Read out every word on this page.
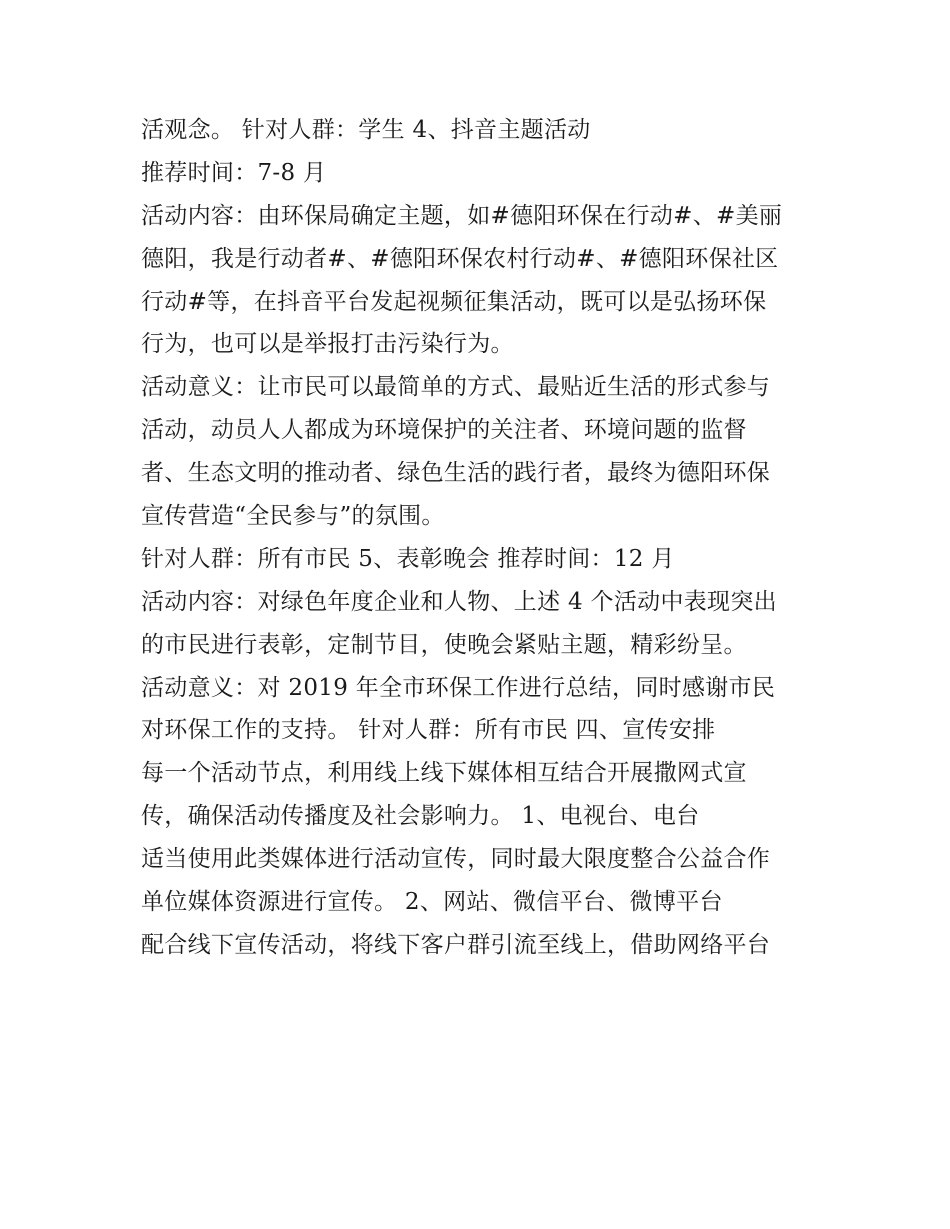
活观念。 针对人群：学生 4、抖音主题活动
推荐时间：7-8 月
活动内容：由环保局确定主题，如#德阳环保在行动#、#美丽
德阳，我是行动者#、#德阳环保农村行动#、#德阳环保社区
行动#等，在抖音平台发起视频征集活动，既可以是弘扬环保
行为，也可以是举报打击污染行为。
活动意义：让市民可以最简单的方式、最贴近生活的形式参与
活动，动员人人都成为环境保护的关注者、环境问题的监督
者、生态文明的推动者、绿色生活的践行者，最终为德阳环保
宣传营造“全民参与”的氛围。
针对人群：所有市民 5、表彰晚会 推荐时间：12 月
活动内容：对绿色年度企业和人物、上述 4 个活动中表现突出
的市民进行表彰，定制节目，使晚会紧贴主题，精彩纷呈。
活动意义：对 2019 年全市环保工作进行总结，同时感谢市民
对环保工作的支持。 针对人群：所有市民 四、宣传安排
每一个活动节点，利用线上线下媒体相互结合开展撒网式宣
传，确保活动传播度及社会影响力。 1、电视台、电台
适当使用此类媒体进行活动宣传，同时最大限度整合公益合作
单位媒体资源进行宣传。 2、网站、微信平台、微博平台
配合线下宣传活动，将线下客户群引流至线上，借助网络平台
